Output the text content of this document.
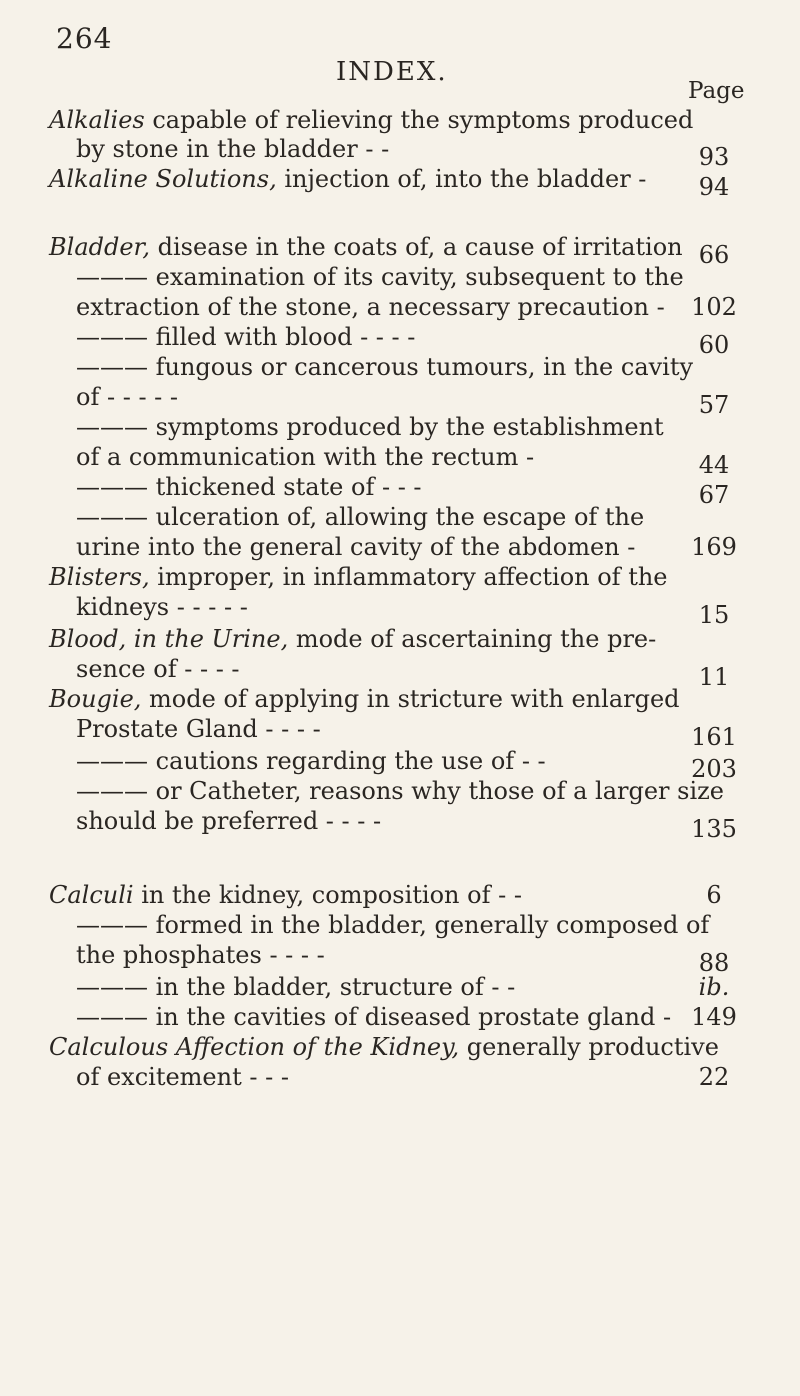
264
INDEX.
Page
Alkalies capable of relieving the symptoms produced
by stone in the bladder - -	93
Alkaline Solutions, injection of, into the bladder -	94
Bladder, disease in the coats of, a cause of irritation 66
——— examination of its cavity, subsequent to the
extraction of the stone, a necessary precaution - 102
——— filled with blood - - - -	60
——— fungous or cancerous tumours, in the cavity
of - - - - -	57
——— symptoms produced by the establishment
of a communication with the rectum -	44
——— thickened state of - - -	67
——— ulceration of, allowing the escape of the
urine into the general cavity of the abdomen - 169
Blisters, improper, in inflammatory affection of the
kidneys - - - - -	15
Blood, in the Urine, mode of ascertaining the pre-
sence of - - - -	11
Bougie, mode of applying in stricture with enlarged
Prostate Gland - - - -	161
——— cautions regarding the use of - -	203
——— or Catheter, reasons why those of a larger size
should be preferred - - - -	135
Calculi in the kidney, composition of - -	6
——— formed in the bladder, generally composed of
the phosphates - - - -	88
——— in the bladder, structure of - -	ib.
——— in the cavities of diseased prostate gland - 149
Calculous Affection of the Kidney, generally productive
of excitement - - -	22
